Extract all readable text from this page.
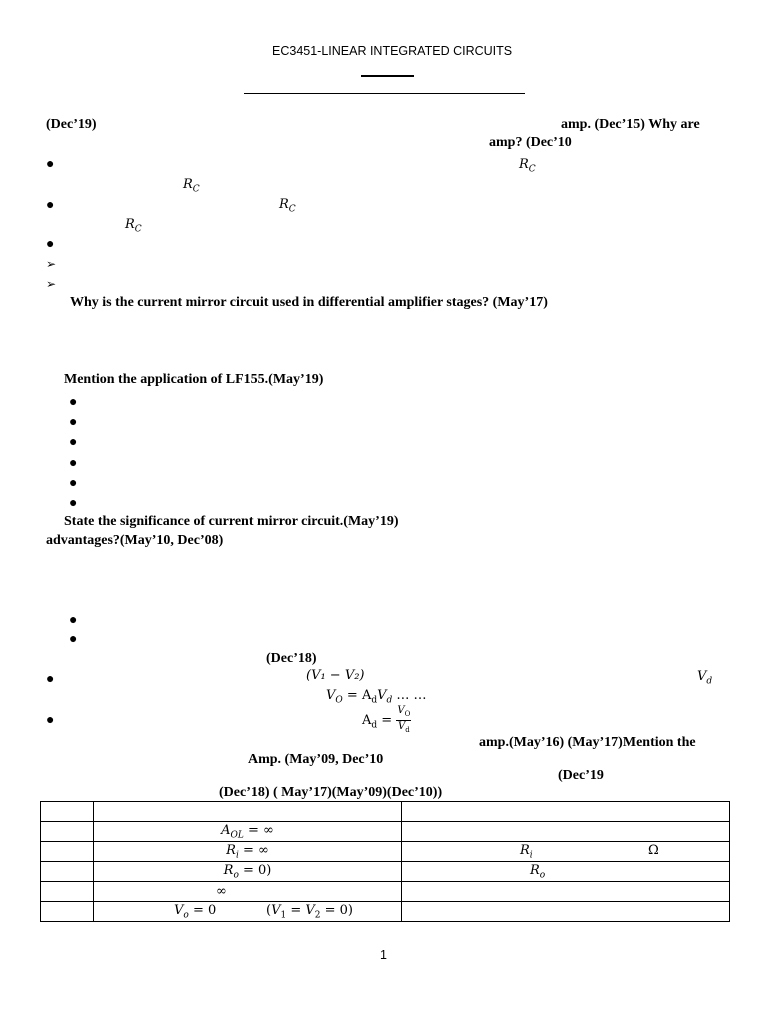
EC3451-LINEAR INTEGRATED CIRCUITS
(Dec’19)	amp. (Dec’15) Why are
amp? (Dec’10
●	$R_C$
$R_C$
●	$R_C$
$R_C$
●
➢
➢
Why is the current mirror circuit used in differential amplifier stages? (May’17)
Mention the application of LF155.(May’19)
●
●
●
●
●
●
State the significance of current mirror circuit.(May’19)
advantages?(May’10, Dec’08)
●
●
(Dec’18)
●	(V₁ − V₂)	$V_d$
$V_O = A_dV_d$ … …
●	$A_d = \frac{V_O}{V_d}$
amp.(May’16) (May’17)Mention the
Amp. (May’09, Dec’10
(Dec’19
(Dec’18) ( May’17)(May’09)(Dec’10))

	$A_{OL}$ = ∞	
	$R_i$ = ∞	$R_i$ Ω

	$R_o = 0$)	$R_o$

	∞	

	$V_o = 0$ $(V_1 = V_2 = 0)$	

1
